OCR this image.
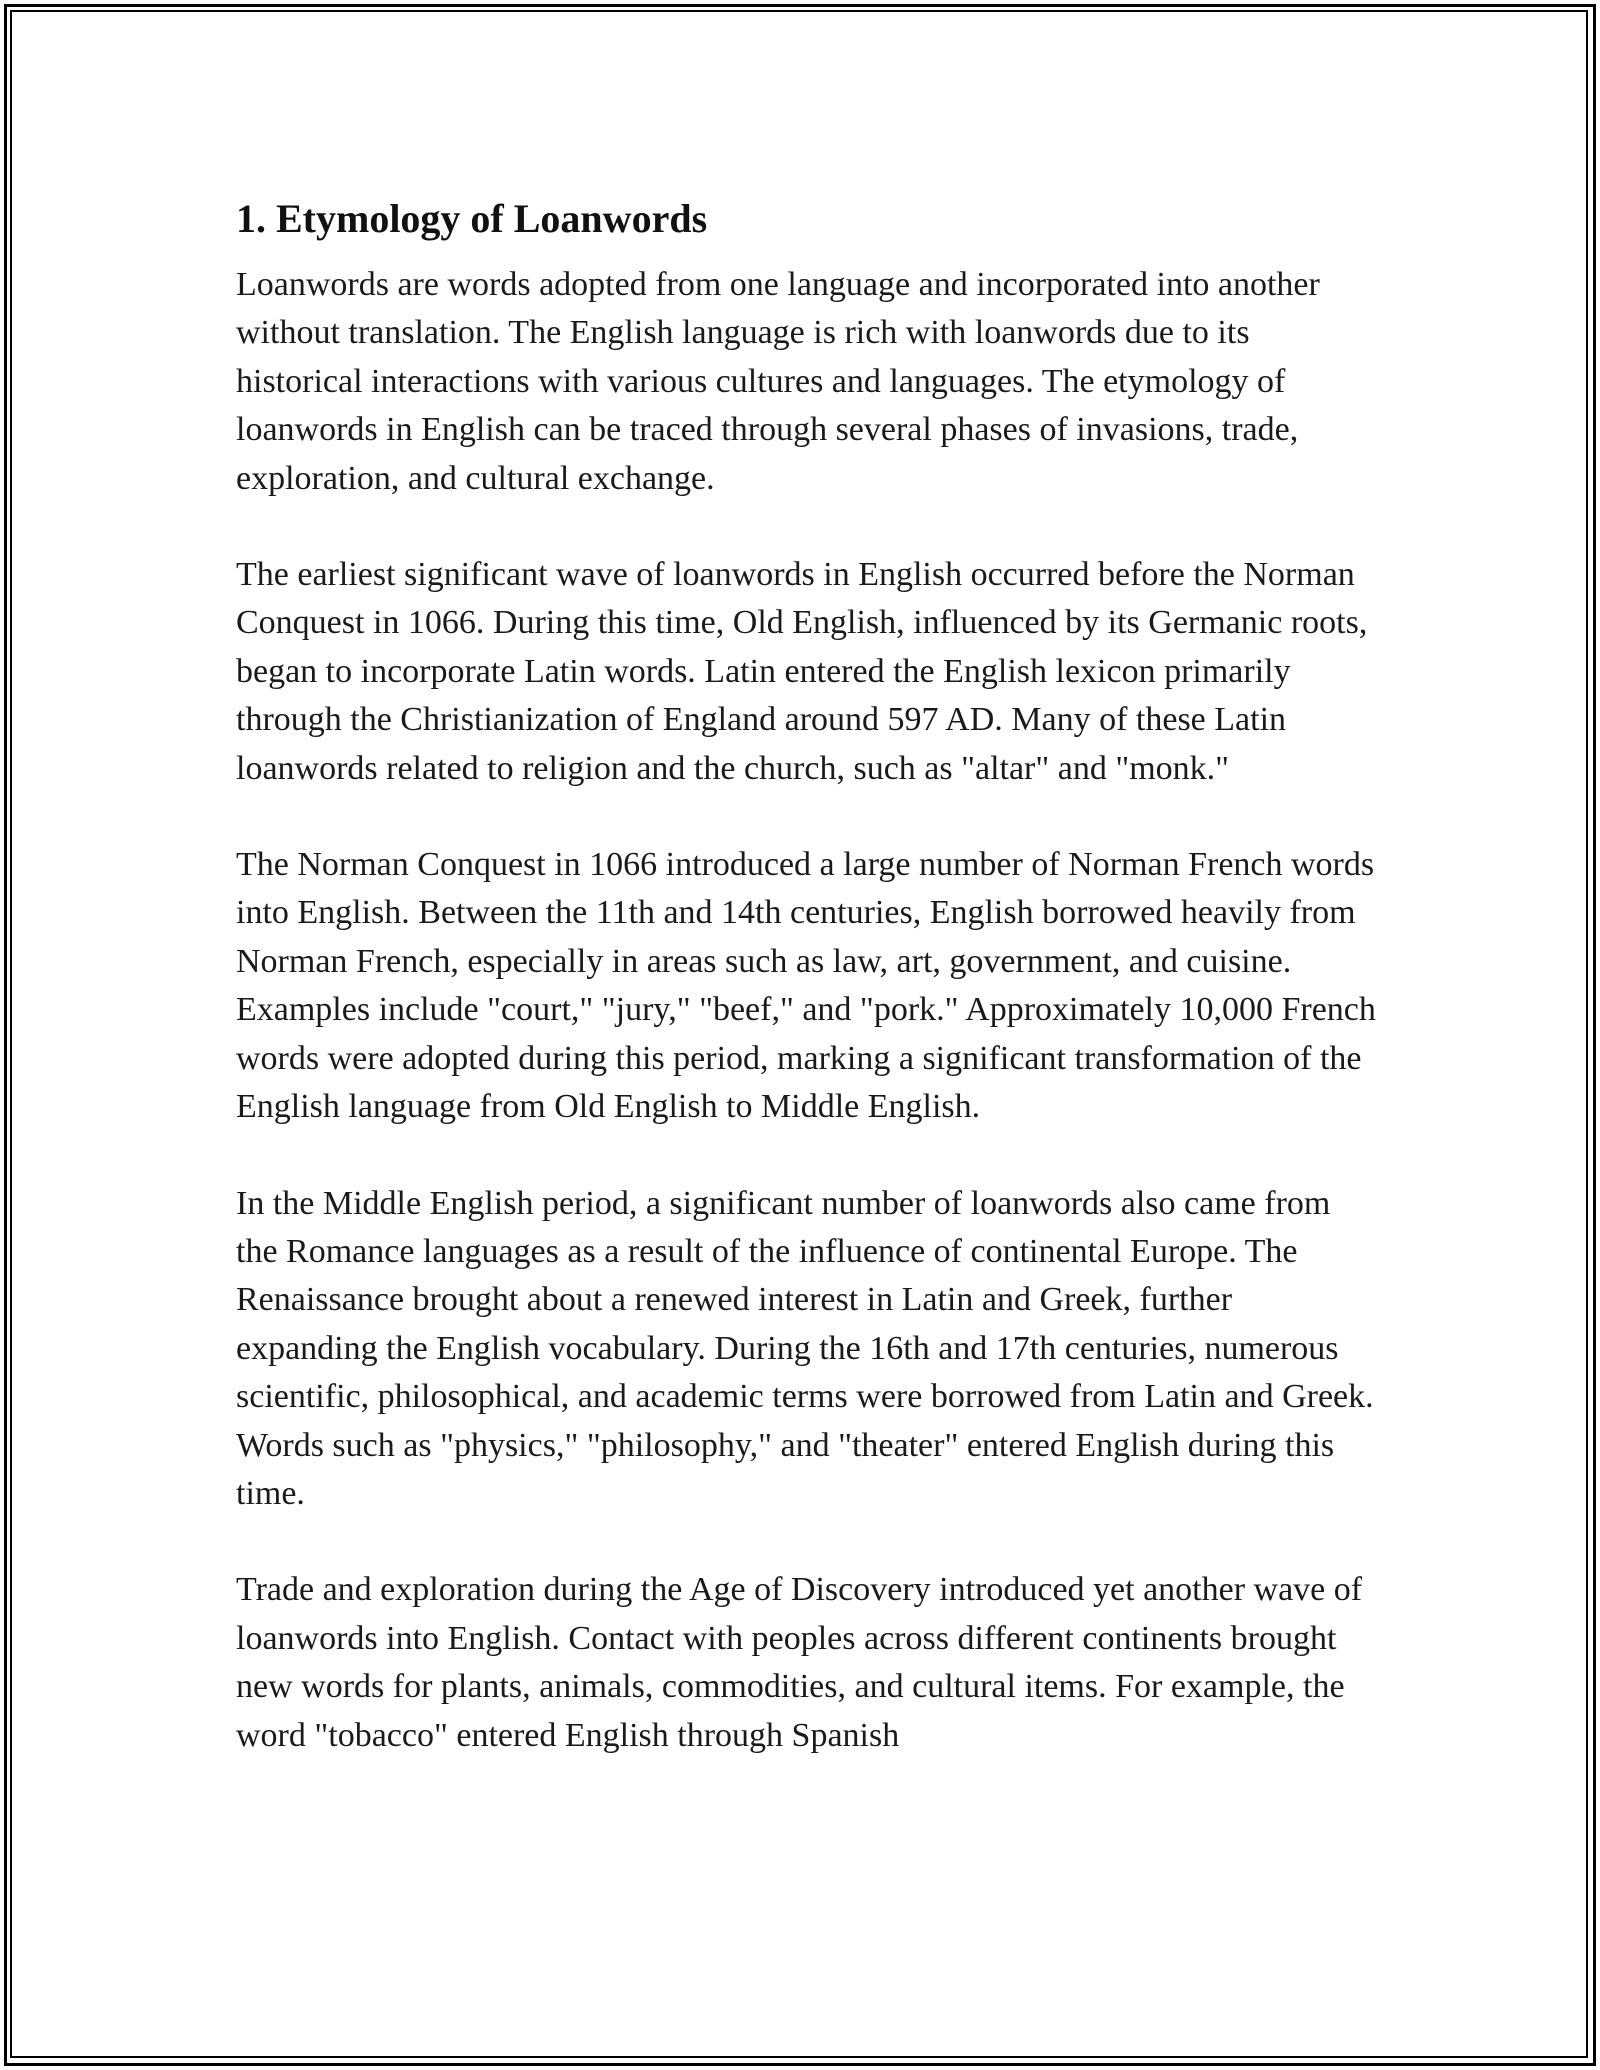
1. Etymology of Loanwords

Loanwords are words adopted from one language and incorporated into another without translation. The English language is rich with loanwords due to its historical interactions with various cultures and languages. The etymology of loanwords in English can be traced through several phases of invasions, trade, exploration, and cultural exchange.

The earliest significant wave of loanwords in English occurred before the Norman Conquest in 1066. During this time, Old English, influenced by its Germanic roots, began to incorporate Latin words. Latin entered the English lexicon primarily through the Christianization of England around 597 AD. Many of these Latin loanwords related to religion and the church, such as "altar" and "monk."

The Norman Conquest in 1066 introduced a large number of Norman French words into English. Between the 11th and 14th centuries, English borrowed heavily from Norman French, especially in areas such as law, art, government, and cuisine. Examples include "court," "jury," "beef," and "pork." Approximately 10,000 French words were adopted during this period, marking a significant transformation of the English language from Old English to Middle English.

In the Middle English period, a significant number of loanwords also came from the Romance languages as a result of the influence of continental Europe. The Renaissance brought about a renewed interest in Latin and Greek, further expanding the English vocabulary. During the 16th and 17th centuries, numerous scientific, philosophical, and academic terms were borrowed from Latin and Greek. Words such as "physics," "philosophy," and "theater" entered English during this time.

Trade and exploration during the Age of Discovery introduced yet another wave of loanwords into English. Contact with peoples across different continents brought new words for plants, animals, commodities, and cultural items. For example, the word "tobacco" entered English through Spanish
